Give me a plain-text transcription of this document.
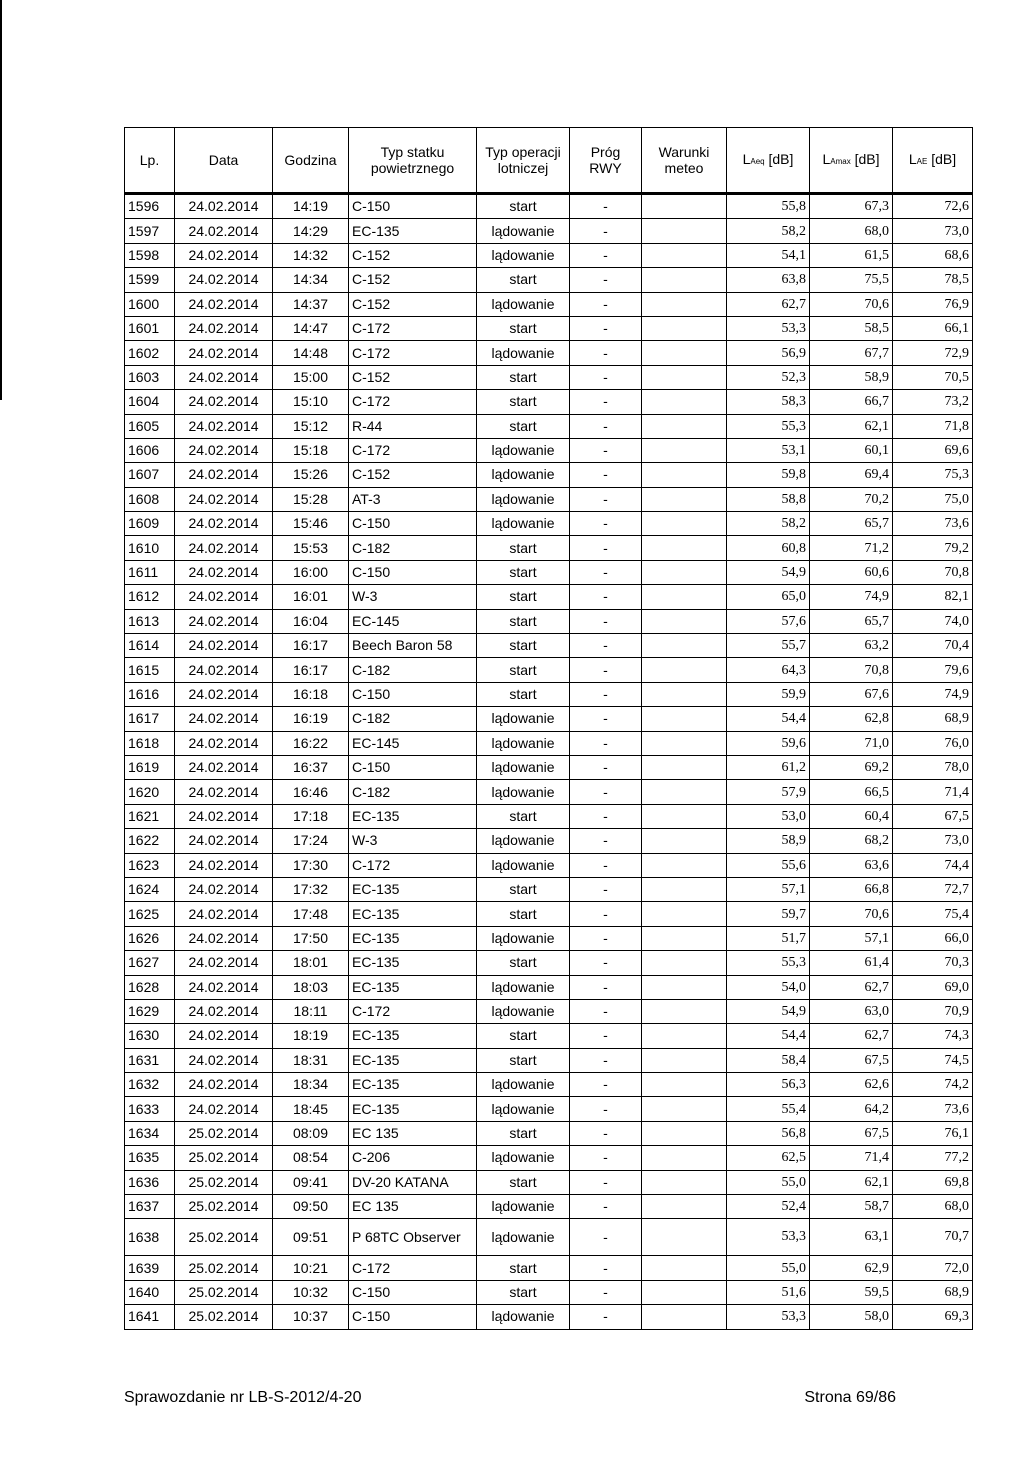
Lp.	Data	Godzina	Typ statku powietrznego	Typ operacji lotniczej	Próg RWY	Warunki meteo	LAeq [dB]	LAmax [dB]	LAE [dB]
1596	24.02.2014	14:19	C-150	start	-		55,8	67,3	72,6
1597	24.02.2014	14:29	EC-135	lądowanie	-		58,2	68,0	73,0
1598	24.02.2014	14:32	C-152	lądowanie	-		54,1	61,5	68,6
1599	24.02.2014	14:34	C-152	start	-		63,8	75,5	78,5
1600	24.02.2014	14:37	C-152	lądowanie	-		62,7	70,6	76,9
1601	24.02.2014	14:47	C-172	start	-		53,3	58,5	66,1
1602	24.02.2014	14:48	C-172	lądowanie	-		56,9	67,7	72,9
1603	24.02.2014	15:00	C-152	start	-		52,3	58,9	70,5
1604	24.02.2014	15:10	C-172	start	-		58,3	66,7	73,2
1605	24.02.2014	15:12	R-44	start	-		55,3	62,1	71,8
1606	24.02.2014	15:18	C-172	lądowanie	-		53,1	60,1	69,6
1607	24.02.2014	15:26	C-152	lądowanie	-		59,8	69,4	75,3
1608	24.02.2014	15:28	AT-3	lądowanie	-		58,8	70,2	75,0
1609	24.02.2014	15:46	C-150	lądowanie	-		58,2	65,7	73,6
1610	24.02.2014	15:53	C-182	start	-		60,8	71,2	79,2
1611	24.02.2014	16:00	C-150	start	-		54,9	60,6	70,8
1612	24.02.2014	16:01	W-3	start	-		65,0	74,9	82,1
1613	24.02.2014	16:04	EC-145	start	-		57,6	65,7	74,0
1614	24.02.2014	16:17	Beech Baron 58	start	-		55,7	63,2	70,4
1615	24.02.2014	16:17	C-182	start	-		64,3	70,8	79,6
1616	24.02.2014	16:18	C-150	start	-		59,9	67,6	74,9
1617	24.02.2014	16:19	C-182	lądowanie	-		54,4	62,8	68,9
1618	24.02.2014	16:22	EC-145	lądowanie	-		59,6	71,0	76,0
1619	24.02.2014	16:37	C-150	lądowanie	-		61,2	69,2	78,0
1620	24.02.2014	16:46	C-182	lądowanie	-		57,9	66,5	71,4
1621	24.02.2014	17:18	EC-135	start	-		53,0	60,4	67,5
1622	24.02.2014	17:24	W-3	lądowanie	-		58,9	68,2	73,0
1623	24.02.2014	17:30	C-172	lądowanie	-		55,6	63,6	74,4
1624	24.02.2014	17:32	EC-135	start	-		57,1	66,8	72,7
1625	24.02.2014	17:48	EC-135	start	-		59,7	70,6	75,4
1626	24.02.2014	17:50	EC-135	lądowanie	-		51,7	57,1	66,0
1627	24.02.2014	18:01	EC-135	start	-		55,3	61,4	70,3
1628	24.02.2014	18:03	EC-135	lądowanie	-		54,0	62,7	69,0
1629	24.02.2014	18:11	C-172	lądowanie	-		54,9	63,0	70,9
1630	24.02.2014	18:19	EC-135	start	-		54,4	62,7	74,3
1631	24.02.2014	18:31	EC-135	start	-		58,4	67,5	74,5
1632	24.02.2014	18:34	EC-135	lądowanie	-		56,3	62,6	74,2
1633	24.02.2014	18:45	EC-135	lądowanie	-		55,4	64,2	73,6
1634	25.02.2014	08:09	EC 135	start	-		56,8	67,5	76,1
1635	25.02.2014	08:54	C-206	lądowanie	-		62,5	71,4	77,2
1636	25.02.2014	09:41	DV-20 KATANA	start	-		55,0	62,1	69,8
1637	25.02.2014	09:50	EC 135	lądowanie	-		52,4	58,7	68,0
1638	25.02.2014	09:51	P 68TC Observer	lądowanie	-		53,3	63,1	70,7
1639	25.02.2014	10:21	C-172	start	-		55,0	62,9	72,0
1640	25.02.2014	10:32	C-150	start	-		51,6	59,5	68,9
1641	25.02.2014	10:37	C-150	lądowanie	-		53,3	58,0	69,3
Sprawozdanie nr LB-S-2012/4-20	Strona 69/86
